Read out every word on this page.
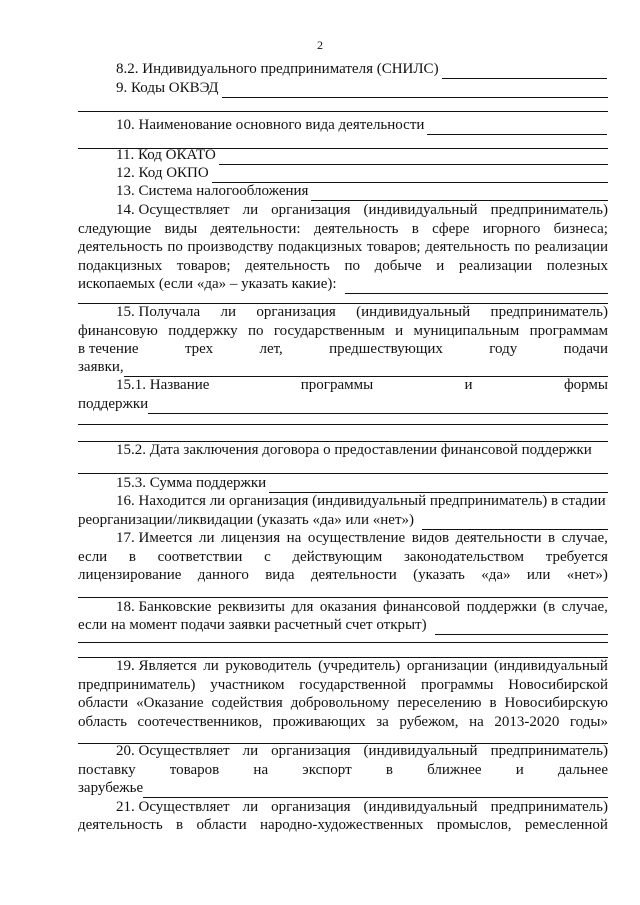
2
8.2. Индивидуального предпринимателя (СНИЛС)
9. Коды ОКВЭД
10. Наименование основного вида деятельности
11. Код ОКАТО
12. Код ОКПО
13. Система налогообложения
14. Осуществляет ли организация (индивидуальный предприниматель)
следующие виды деятельности: деятельность в сфере игорного бизнеса;
деятельность по производству подакцизных товаров; деятельность по реализации
подакцизных товаров; деятельность по добыче и реализации полезных
ископаемых (если «да» – указать какие):
15. Получала ли организация (индивидуальный предприниматель)
финансовую поддержку по государственным и муниципальным программам
в течение	трех	лет,	предшествующих	году	подачи
заявки,
15.1. Название	программы	и	формы
поддержки
15.2. Дата заключения договора о предоставлении финансовой поддержки
15.3. Сумма поддержки
16. Находится ли организация (индивидуальный предприниматель) в стадии
реорганизации/ликвидации (указать «да» или «нет»)
17. Имеется ли лицензия на осуществление видов деятельности в случае,
если в соответствии с действующим законодательством требуется
лицензирование данного вида деятельности (указать «да» или «нет»)
18. Банковские реквизиты для оказания финансовой поддержки (в случае,
если на момент подачи заявки расчетный счет открыт)
19. Является ли руководитель (учредитель) организации (индивидуальный
предприниматель) участником государственной программы Новосибирской
области «Оказание содействия добровольному переселению в Новосибирскую
область соотечественников, проживающих за рубежом, на 2013-2020 годы»
20. Осуществляет ли организация (индивидуальный предприниматель)
поставку товаров на экспорт в ближнее и дальнее
зарубежье
21. Осуществляет ли организация (индивидуальный предприниматель)
деятельность в области народно-художественных промыслов, ремесленной
